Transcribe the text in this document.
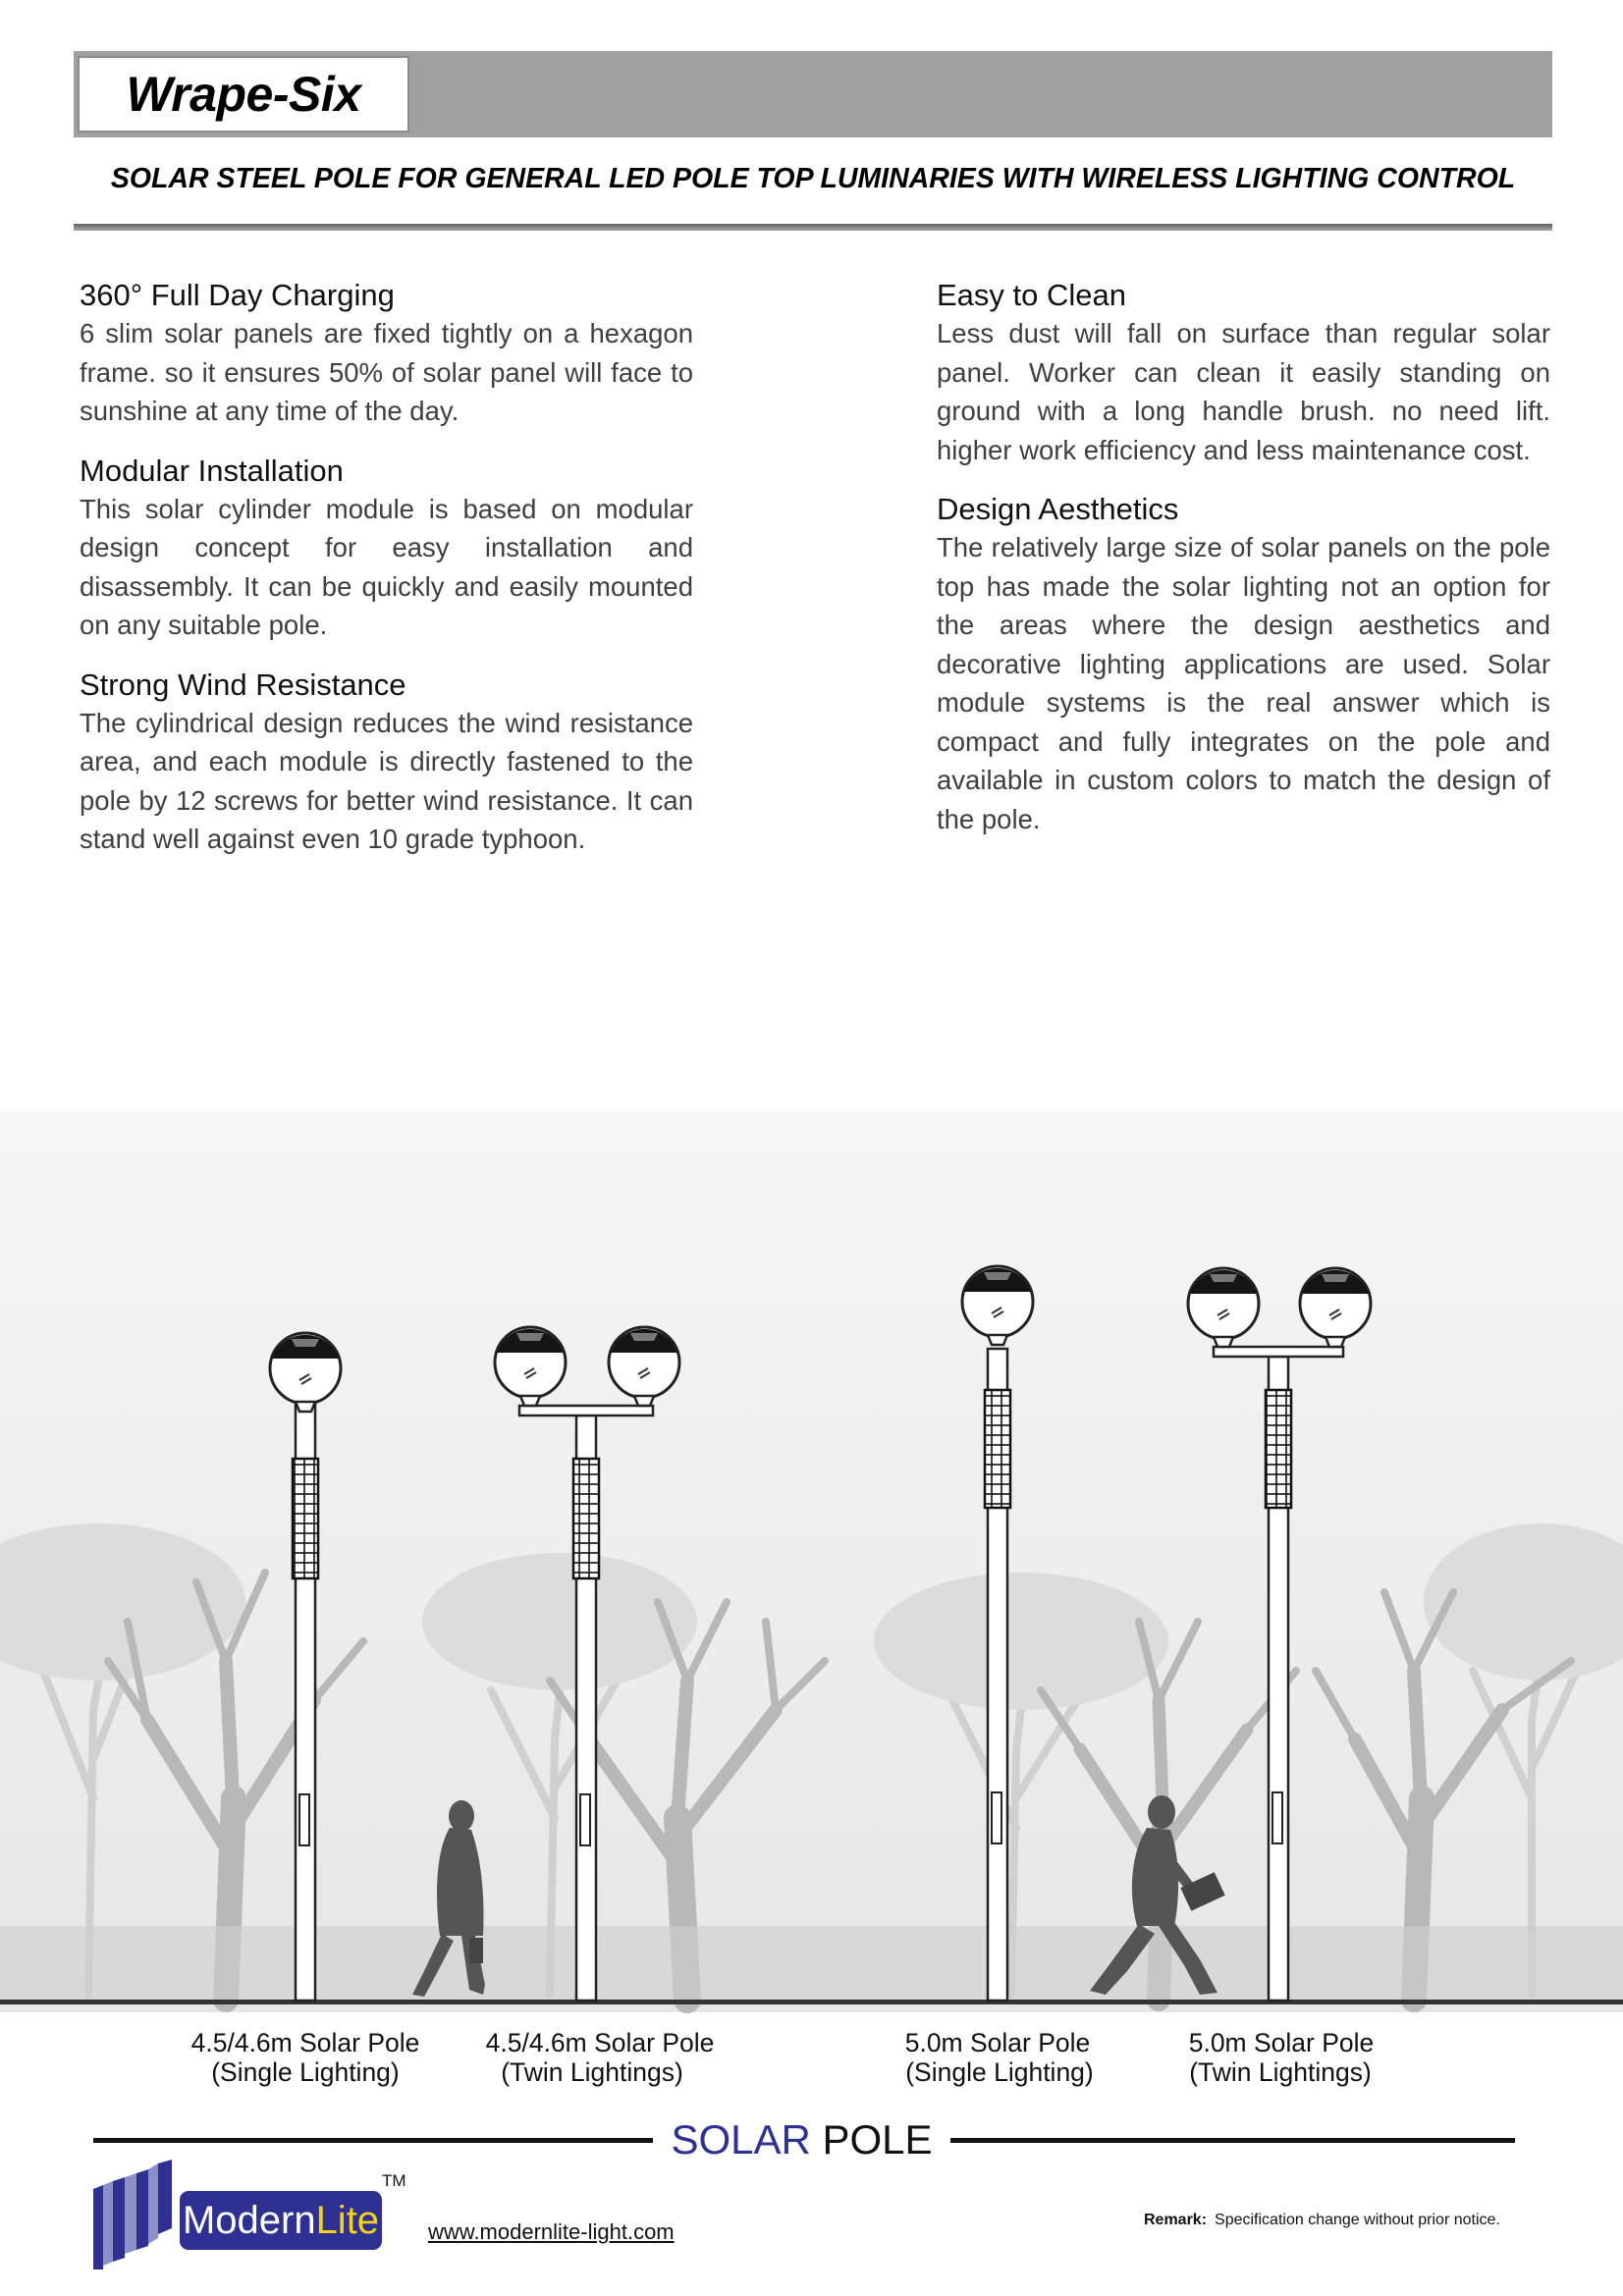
Wrape-Six
SOLAR STEEL POLE FOR GENERAL LED POLE TOP LUMINARIES WITH WIRELESS LIGHTING CONTROL
360° Full Day Charging

6 slim solar panels are fixed tightly on a hexagon frame. so it ensures 50% of solar panel will face to sunshine at any time of the day.

Modular Installation

This solar cylinder module is based on modular design concept for easy installation and disassembly. It can be quickly and easily mounted on any suitable pole.

Strong Wind Resistance

The cylindrical design reduces the wind resistance area, and each module is directly fastened to the pole by 12 screws for better wind resistance. It can stand well against even 10 grade typhoon.

Easy to Clean

Less dust will fall on surface than regular solar panel. Worker can clean it easily standing on ground with a long handle brush. no need lift. higher work efficiency and less maintenance cost.

Design Aesthetics

The relatively large size of solar panels on the pole top has made the solar lighting not an option for the areas where the design aesthetics and decorative lighting applications are used. Solar module systems is the real answer which is compact and fully integrates on the pole and available in custom colors to match the design of the pole.

4.5/4.6m Solar Pole
(Single Lighting)
4.5/4.6m Solar Pole
(Twin Lightings)
5.0m Solar Pole
(Single Lighting)
5.0m Solar Pole
(Twin Lightings)
SOLAR POLE
ModernLite
TM
www.modernlite-light.com	Remark: Specification change without prior notice.
